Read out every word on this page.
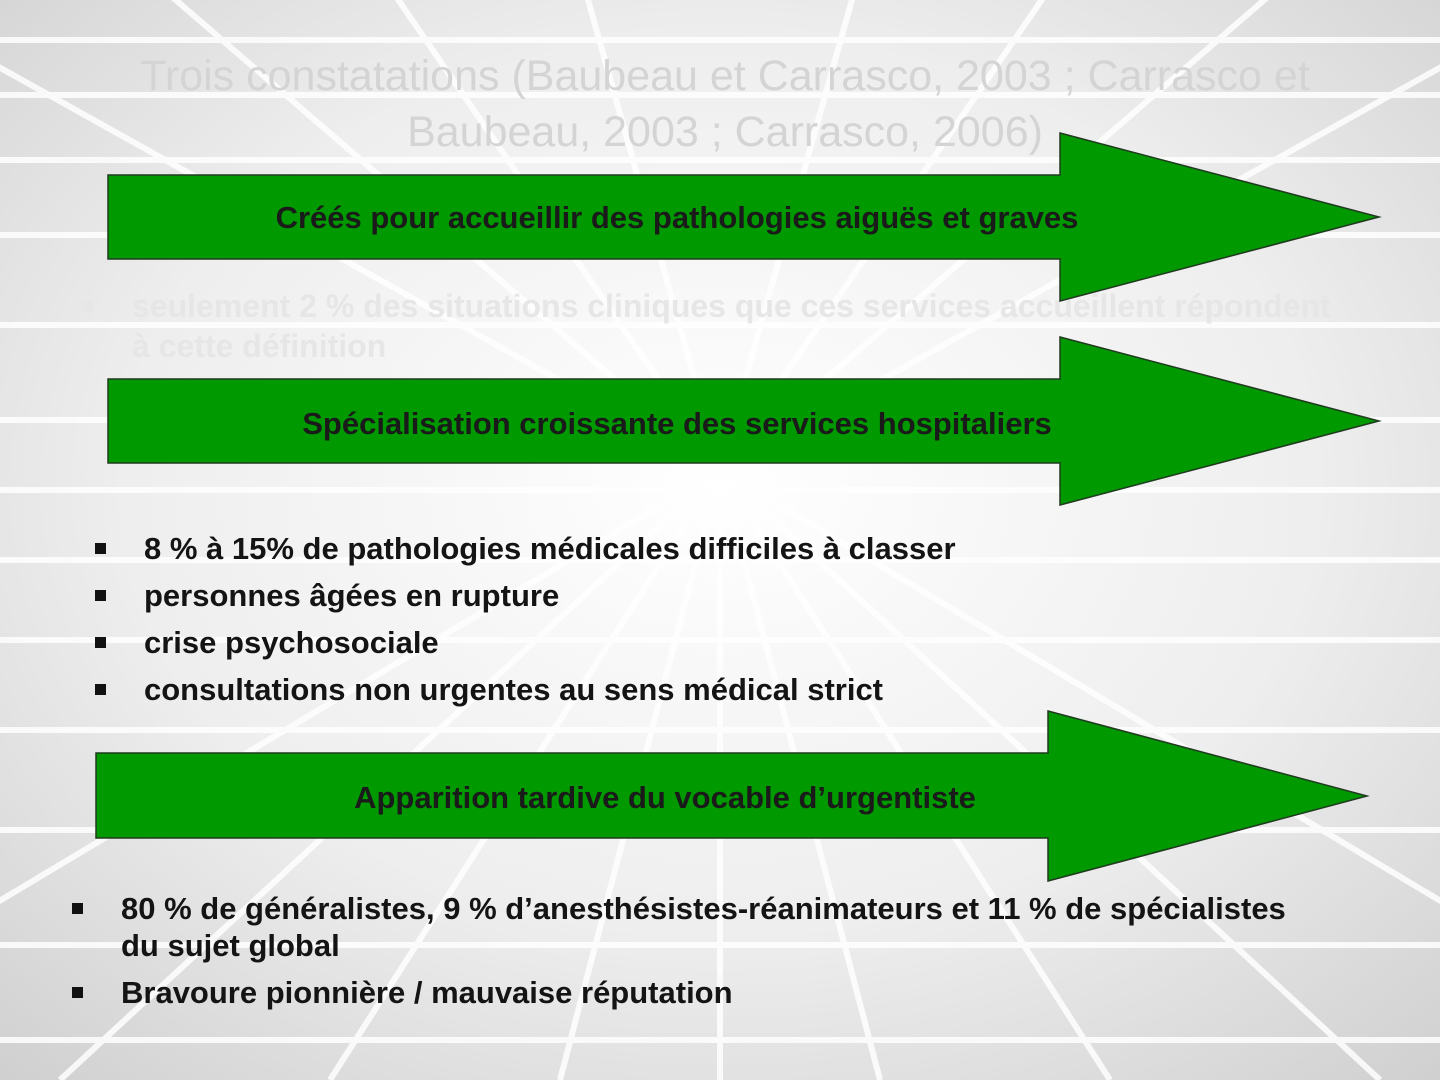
Trois constatations (Baubeau et Carrasco, 2003 ; Carrasco et Baubeau, 2003 ; Carrasco, 2006)
■	seulement 2 % des situations cliniques que ces services accueillent répondent à cette définition
Créés pour accueillir des pathologies aiguës et graves
Spécialisation croissante des services hospitaliers
8 % à 15% de pathologies médicales difficiles à classer
personnes âgées en rupture
crise psychosociale
consultations non urgentes au sens médical strict
Apparition tardive du vocable d’urgentiste
80 % de généralistes, 9 % d’anesthésistes-réanimateurs et 11 % de spécialistes du sujet global
Bravoure pionnière / mauvaise réputation
